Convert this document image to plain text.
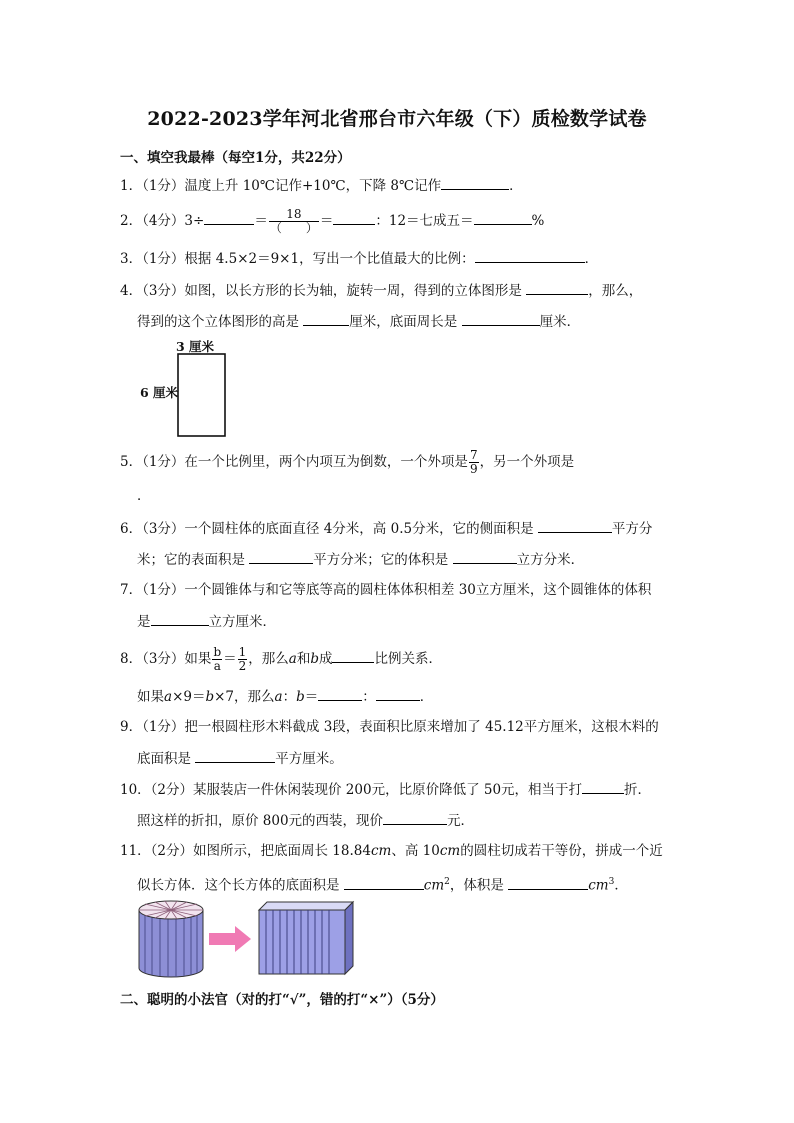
2022-2023学年河北省邢台市六年级（下）质检数学试卷
一、填空我最棒（每空1分，共22分）
1．（1分）温度上升 10℃记作+10℃，下降 8℃记作	．
2．（4分）3÷	＝ $\frac{18}{( )}$ ＝	：12＝七成五＝	%
3．（1分）根据 4.5×2＝9×1，写出一个比值最大的比例：	．
4．（3分）如图，以长方形的长为轴，旋转一周，得到的立体图形是	，那么，
得到的这个立体图形的高是	厘米，底面周长是	厘米．
3 厘米
6 厘米
5．（1分）在一个比例里，两个内项互为倒数，一个外项是 $\frac{7}{9}$ ，另一个外项是
．
6．（3分）一个圆柱体的底面直径 4分米，高 0.5分米，它的侧面积是	平方分
米；它的表面积是	平方分米；它的体积是	立方分米．
7．（1分）一个圆锥体与和它等底等高的圆柱体体积相差 30立方厘米，这个圆锥体的体积
是	立方厘米．
8．（3分）如果 $\frac{b}{a} = \frac{1}{2}$ ，那么a和b成	比例关系．
如果a×9＝b×7，那么a：b＝	：	．
9．（1分）把一根圆柱形木料截成 3段，表面积比原来增加了 45.12平方厘米，这根木料的
底面积是	平方厘米。
10．（2分）某服装店一件休闲装现价 200元，比原价降低了 50元，相当于打	折．
照这样的折扣，原价 800元的西装，现价	元．
11．（2分）如图所示，把底面周长 18.84cm、高 10cm的圆柱切成若干等份，拼成一个近
似长方体．这个长方体的底面积是	$cm^2$，体积是	$cm^3$．
二、聪明的小法官（对的打“√”，错的打“×”）（5分）
